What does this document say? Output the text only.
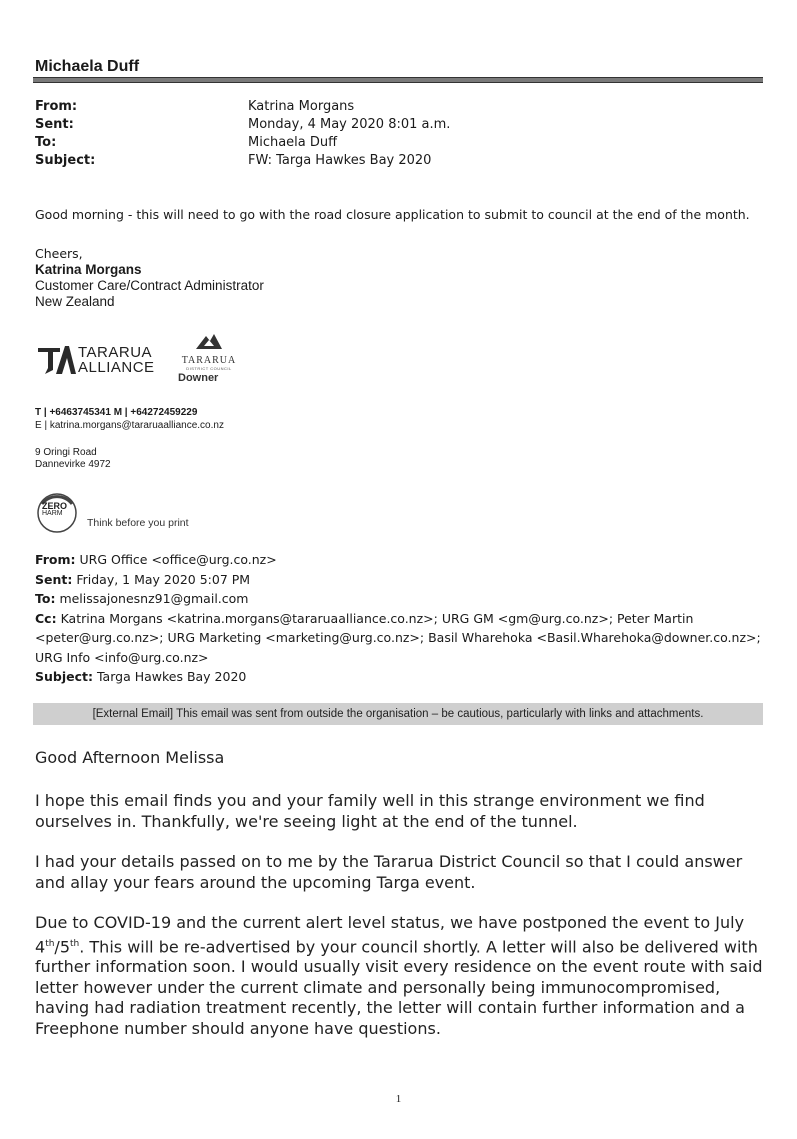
Michaela Duff
From:	Katrina Morgans
Sent:	Monday, 4 May 2020 8:01 a.m.
To:	Michaela Duff
Subject:	FW: Targa Hawkes Bay 2020
Good morning - this will need to go with the road closure application to submit to council at the end of the month.
Cheers,
Katrina Morgans
Customer Care/Contract Administrator
New Zealand
TARARUA
ALLIANCE	TARARUA
DISTRICT COUNCIL
Downer
T | +6463745341 M | +64272459229
E | katrina.morgans@tararuaalliance.co.nz
9 Oringi Road
Dannevirke 4972
ZERO
HARM
Think before you print
From: URG Office <office@urg.co.nz>
Sent: Friday, 1 May 2020 5:07 PM
To: melissajonesnz91@gmail.com
Cc: Katrina Morgans <katrina.morgans@tararuaalliance.co.nz>; URG GM <gm@urg.co.nz>; Peter Martin
<peter@urg.co.nz>; URG Marketing <marketing@urg.co.nz>; Basil Wharehoka <Basil.Wharehoka@downer.co.nz>;
URG Info <info@urg.co.nz>
Subject: Targa Hawkes Bay 2020
[External Email] This email was sent from outside the organisation – be cautious, particularly with links and attachments.
Good Afternoon Melissa
I hope this email finds you and your family well in this strange environment we find
ourselves in. Thankfully, we're seeing light at the end of the tunnel.
I had your details passed on to me by the Tararua District Council so that I could answer
and allay your fears around the upcoming Targa event.
Due to COVID-19 and the current alert level status, we have postponed the event to July
4th/5th. This will be re-advertised by your council shortly. A letter will also be delivered with
further information soon. I would usually visit every residence on the event route with said
letter however under the current climate and personally being immunocompromised,
having had radiation treatment recently, the letter will contain further information and a
Freephone number should anyone have questions.
1
